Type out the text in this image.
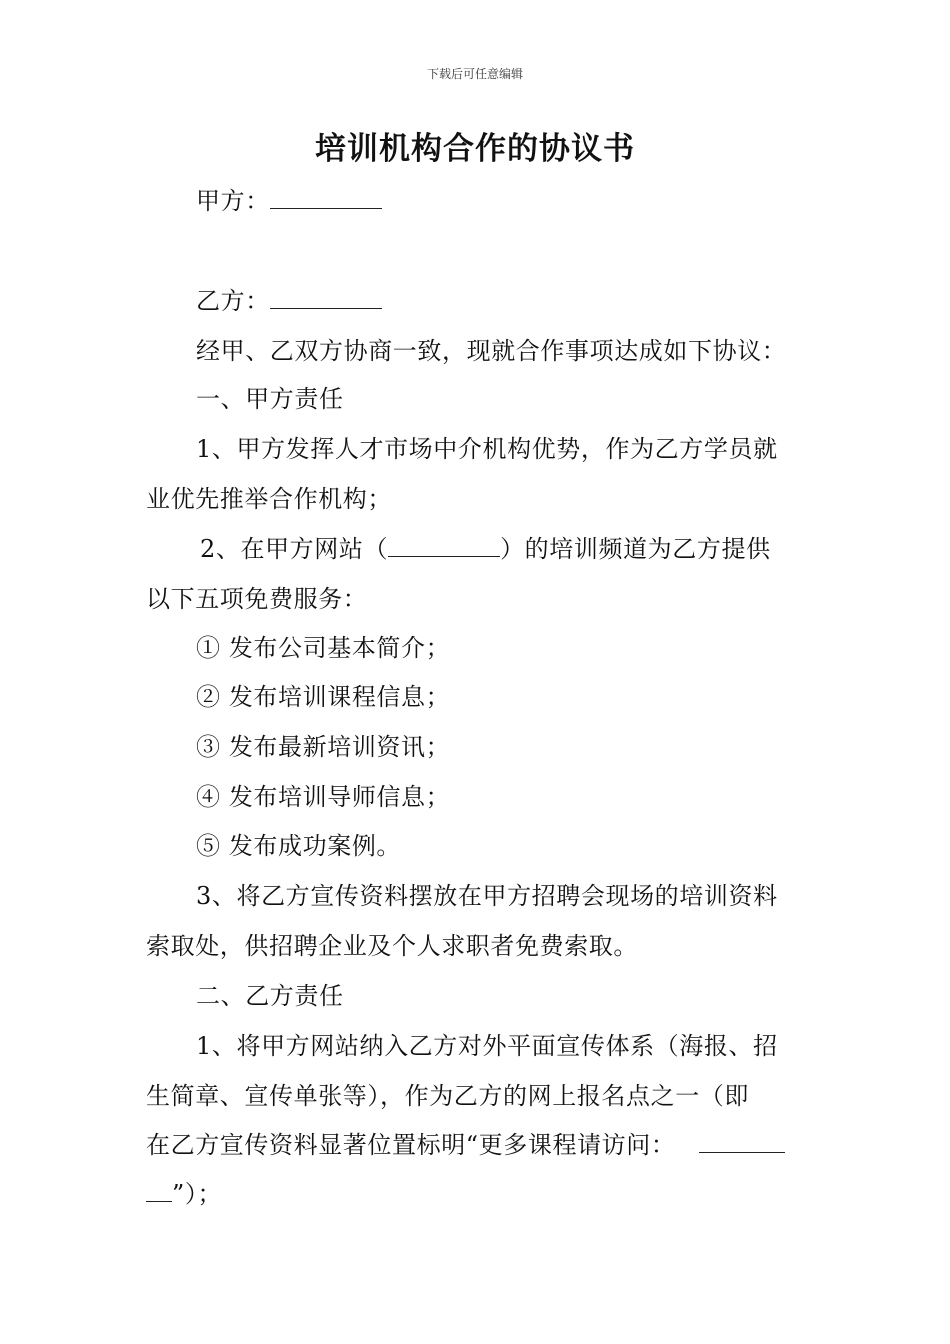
下载后可任意编辑
培训机构合作的协议书
甲方：
乙方：
经甲、乙双方协商一致，现就合作事项达成如下协议：
一、甲方责任
1、甲方发挥人才市场中介机构优势，作为乙方学员就
业优先推举合作机构；
2、在甲方网站（	）的培训频道为乙方提供
以下五项免费服务：
① 发布公司基本简介；
② 发布培训课程信息；
③ 发布最新培训资讯；
④ 发布培训导师信息；
⑤ 发布成功案例。
3、将乙方宣传资料摆放在甲方招聘会现场的培训资料
索取处，供招聘企业及个人求职者免费索取。
二、乙方责任
1、将甲方网站纳入乙方对外平面宣传体系（海报、招
生简章、宣传单张等），作为乙方的网上报名点之一（即
在乙方宣传资料显著位置标明“更多课程请访问：
”）；
